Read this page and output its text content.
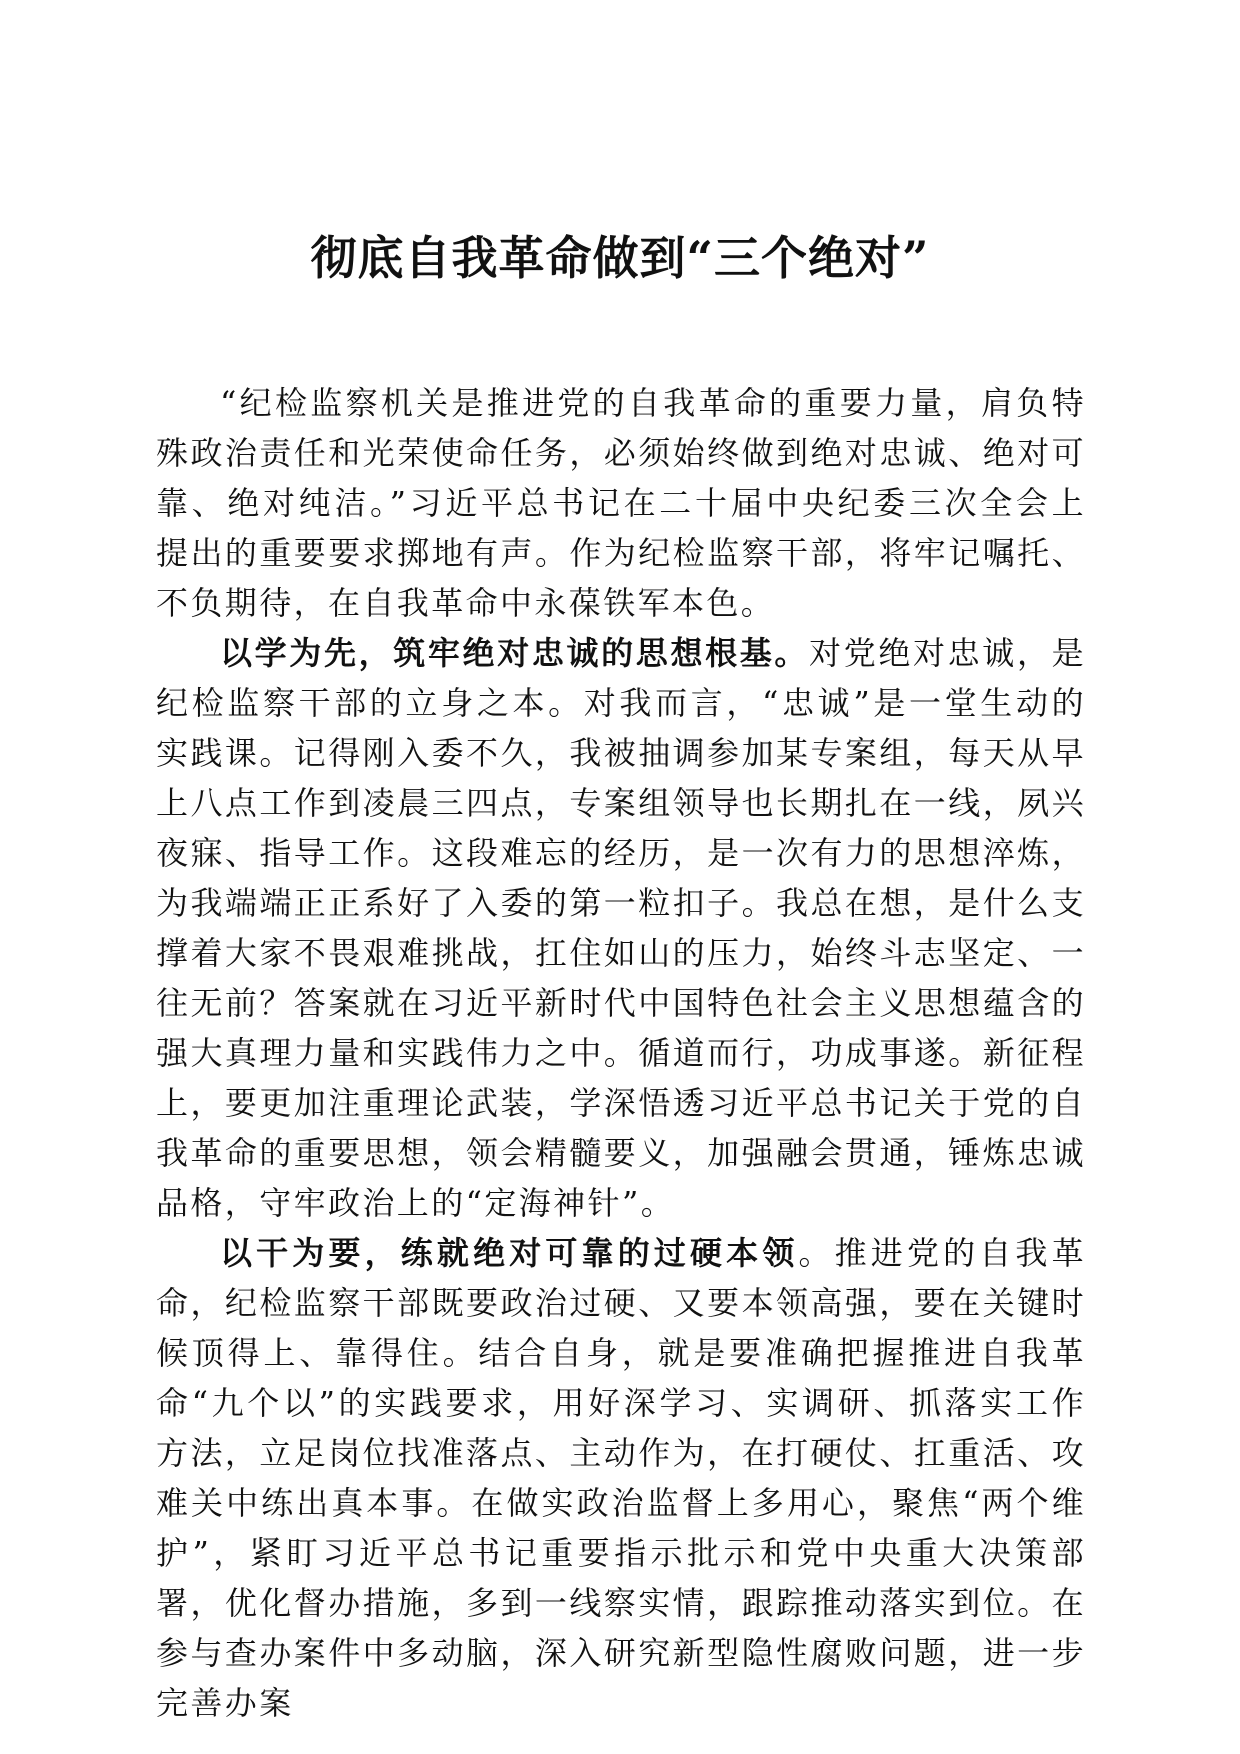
彻底自我革命做到“三个绝对”

“纪检监察机关是推进党的自我革命的重要力量，肩负特殊政治责任和光荣使命任务，必须始终做到绝对忠诚、绝对可靠、绝对纯洁。”习近平总书记在二十届中央纪委三次全会上提出的重要要求掷地有声。作为纪检监察干部，将牢记嘱托、不负期待，在自我革命中永葆铁军本色。

以学为先，筑牢绝对忠诚的思想根基。对党绝对忠诚，是纪检监察干部的立身之本。对我而言，“忠诚”是一堂生动的实践课。记得刚入委不久，我被抽调参加某专案组，每天从早上八点工作到凌晨三四点，专案组领导也长期扎在一线，夙兴夜寐、指导工作。这段难忘的经历，是一次有力的思想淬炼，为我端端正正系好了入委的第一粒扣子。我总在想，是什么支撑着大家不畏艰难挑战，扛住如山的压力，始终斗志坚定、一往无前？答案就在习近平新时代中国特色社会主义思想蕴含的强大真理力量和实践伟力之中。循道而行，功成事遂。新征程上，要更加注重理论武装，学深悟透习近平总书记关于党的自我革命的重要思想，领会精髓要义，加强融会贯通，锤炼忠诚品格，守牢政治上的“定海神针”。

以干为要，练就绝对可靠的过硬本领。推进党的自我革命，纪检监察干部既要政治过硬、又要本领高强，要在关键时候顶得上、靠得住。结合自身，就是要准确把握推进自我革命“九个以”的实践要求，用好深学习、实调研、抓落实工作方法，立足岗位找准落点、主动作为，在打硬仗、扛重活、攻难关中练出真本事。在做实政治监督上多用心，聚焦“两个维护”，紧盯习近平总书记重要指示批示和党中央重大决策部署，优化督办措施，多到一线察实情，跟踪推动落实到位。在参与查办案件中多动脑，深入研究新型隐性腐败问题，进一步完善办案
